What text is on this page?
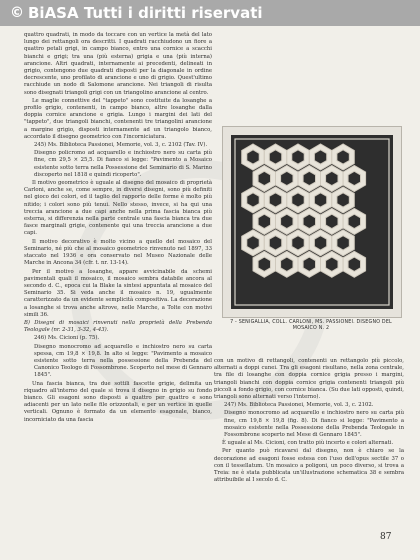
© BiASA Tutti i diritti riservati

quattro quadrati, in modo da toccare con un vertice la metà del lato lungo dei rettangoli ora descritti. I quadrati racchiudono un fiore a quattro petali grigi, in campo bianco, entro una cornice a scacchi bianchi e grigi; tra una (più esterna) grigia e una (più interna) arancione. Altri quadrati, internamente ai precedenti, delineati in grigio, contengono due quadrati disposti per la diagonale in ordine decrescente, uno profilato di arancione e uno di grigio. Quest'ultimo racchiude un nodo di Salomone arancione. Nei triangoli di risulta sono disegnati triangoli grigi con un triangolino arancione al centro.

Le maglie connettive del "tappeto" sono costituite da losanghe a profilo grigio, contenenti, in campo bianco, altre losanghe dalla doppia cornice arancione e grigia. Lungo i margini dei lati del "tappeto", due triangoli bianchi, contenenti tre triangolini arancione a margine grigio, disposti internamente ad un triangolo bianco, accordato il disegno geometrico con l'incorniciatura.

245) Ms. Biblioteca Passionei, Memorie, vol. 3, c. 2102 (Tav. IV).

Disegno policromo ad acquarello e inchiostro nero su carta più fine, cm 29,5 × 25,5. Di fianco si legge: "Pavimento a Mosaico esistente sotto terra nella Possessione del Seminario di S. Marino discoperto nel 1818 e quindi ricoperto".

Il motivo geometrico è uguale al disegno del mosaico di proprietà Carloni, anche se, come sempre, in diversi disegni, sono più definiti nel gioco dei colori, ed il taglio del rapporto delle forme è molto più nitido; i colori sono più tenui. Nello stesso, invece, si ha qui una treccia arancione a due capi anche nella prima fascia bianca più esterna, si differenzia nella parte centrale una fascia bianca tra due fasce marginali grigie, contenente qui una treccia arancione a due capi.

Il motivo decorativo è molto vicino a quello del mosaico del Seminario, né più che al mosaico geometrico rinvenuto nel 1897, 33 staccato nel 1936 e ora conservato nel Museo Nazionale delle Marche in Ancona 34 (cfr. t. nr. 13-14).

Per il motivo a losanghe, appare avvicinabile da schemi pavimentali quali il mosaico, il mosaico sembra databile ancora al secondo d. C., epoca cui la Blake la sintesi appuntata al mosaico del Seminario 35. Si veda anche il mosaico n. 19, ugualmente caratterizzato da un evidente semplicità compositiva. La decorazione a losanghe si trova anche altrove, nelle Marche, a Tolte con motivi simili 36.

B) Disegni di mosaici rinvenuti nella proprietà della Prebenda Teologale (nr. 2-31, 3-32, 4-43).

246) Ms. Cicioni (p. 75).

Disegno monocromo ad acquarello e inchiostro nero su carta spessa, cm 19,8 × 19,8. In alto si legge: "Pavimento a mosaico esistente sotto terra nella possessione della Prebenda del Canonico Teologo di Fossombrone. Scoperto nel mese di Gennaro 1845".

Una fascia bianca, tra due sottili fascette grigie, delimita un riquadro all'interno del quale si trova il disegno in grigio su fondo bianco. Gli esagoni sono disposti a quattro per quattro e sono adiacenti per un lato nelle file orizzontali, e per un vertice in quelle verticali. Ognuno è formato da un elemento esagonale, bianco, incorniciato da una fascia

7 - SENIGALLIA, COLL. CARLONI, MS. PASSIONEI. DISEGNO DEL MOSAICO N. 2

con un motivo di rettangoli, contenenti un rettangolo più piccolo, alternati a doppi cunei. Tra gli esagoni risultano, nella zona centrale, tra file di losanghe con doppia cornice grigia presso i margini, triangoli bianchi con doppia cornice grigia contenenti triangoli più piccoli a fondo grigio, con cornice bianca. (Su due lati opposti, quindi, triangoli sono alternati verso l'interno).

247) Ms. Biblioteca Passionei, Memorie, vol. 3, c. 2102.

Disegno monocromo ad acquarello e inchiostro nero su carta più fine, cm 19,8 × 19,8 (fig. 8). Di fianco si legge: "Pavimento a mosaico esistente nella Possessione della Prebenda Teologale in Fossombrone scoperto nel Mese di Gennaro 1845".

È uguale al Ms. Cicioni, con tratto più incerto e colori alternati.

Per quanto può ricavarsi dal disegno, non è chiaro se la decorazione ad esagoni fosse estesa con l'uso dell'opus sectile 37 o con il tessellatum. Un mosaico a poligoni, un poco diverso, si trova a Treia: ne è stata pubblicata un'illustrazione schematica 38 e sembra attribuibile al I secolo d. C.

87
